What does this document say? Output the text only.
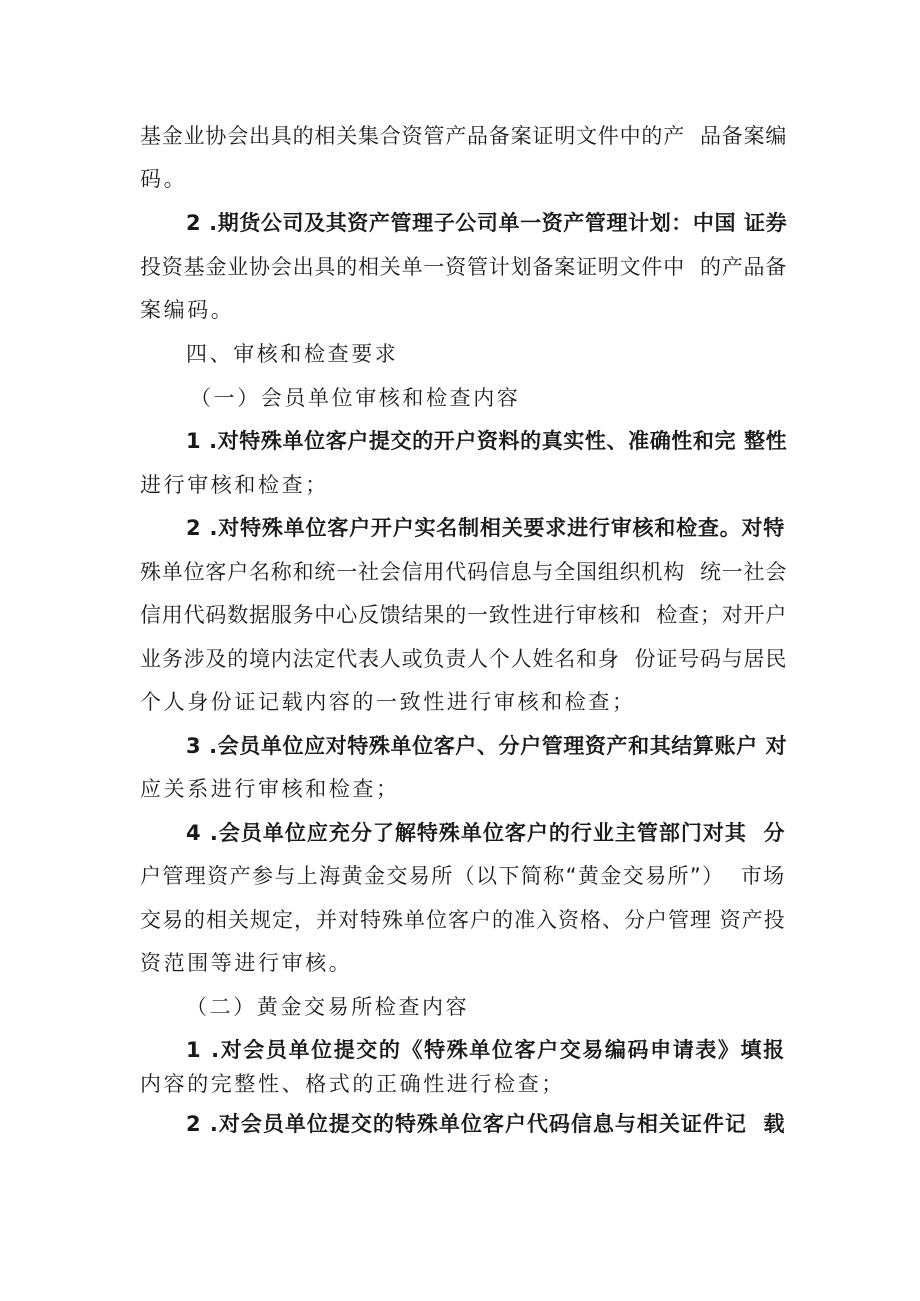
基金业协会出具的相关集合资管产品备案证明文件中的产  品备案编

码。

2 .期货公司及其资产管理子公司单一资产管理计划：中国 证券

投资基金业协会出具的相关单一资管计划备案证明文件中  的产品备

案编码。

四、审核和检查要求

（一）会员单位审核和检查内容

1 .对特殊单位客户提交的开户资料的真实性、准确性和完 整性

进行审核和检查；

2 .对特殊单位客户开户实名制相关要求进行审核和检查。对特

殊单位客户名称和统一社会信用代码信息与全国组织机构  统一社会

信用代码数据服务中心反馈结果的一致性进行审核和  检查；对开户

业务涉及的境内法定代表人或负责人个人姓名和身  份证号码与居民

个人身份证记载内容的一致性进行审核和检查；

3 .会员单位应对特殊单位客户、分户管理资产和其结算账户 对

应关系进行审核和检查；

4 .会员单位应充分了解特殊单位客户的行业主管部门对其  分

户管理资产参与上海黄金交易所（以下简称“黄金交易所”）  市场

交易的相关规定，并对特殊单位客户的准入资格、分户管理 资产投

资范围等进行审核。

（二）黄金交易所检查内容

1 .对会员单位提交的《特殊单位客户交易编码申请表》填报

内容的完整性、格式的正确性进行检查；

2 .对会员单位提交的特殊单位客户代码信息与相关证件记  载
